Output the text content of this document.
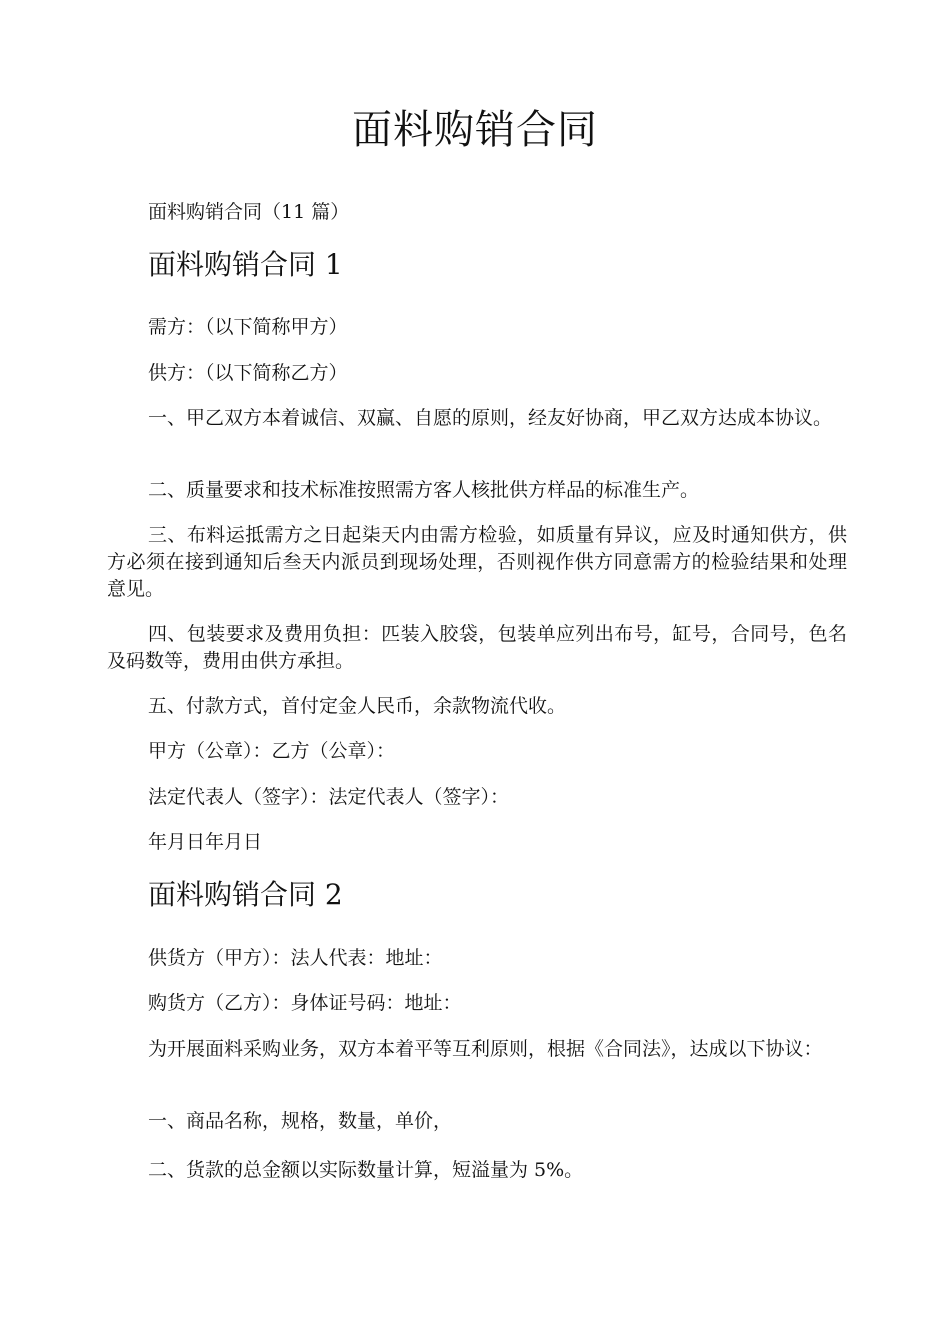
面料购销合同

面料购销合同（11 篇）

面料购销合同 1

需方：（以下简称甲方）

供方：（以下简称乙方）

一、甲乙双方本着诚信、双赢、自愿的原则，经友好协商，甲乙双方达成本协议。

二、质量要求和技术标准按照需方客人核批供方样品的标准生产。

三、布料运抵需方之日起柒天内由需方检验，如质量有异议，应及时通知供方，供方必须在接到通知后叁天内派员到现场处理，否则视作供方同意需方的检验结果和处理意见。

四、包装要求及费用负担：匹装入胶袋，包装单应列出布号，缸号，合同号，色名及码数等，费用由供方承担。

五、付款方式，首付定金人民币，余款物流代收。

甲方（公章）：乙方（公章）：

法定代表人（签字）：法定代表人（签字）：

年月日年月日

面料购销合同 2

供货方（甲方）：法人代表：地址：

购货方（乙方）：身体证号码：地址：

为开展面料采购业务，双方本着平等互利原则，根据《合同法》，达成以下协议：

一、商品名称，规格，数量，单价，

二、货款的总金额以实际数量计算，短溢量为 5%。
